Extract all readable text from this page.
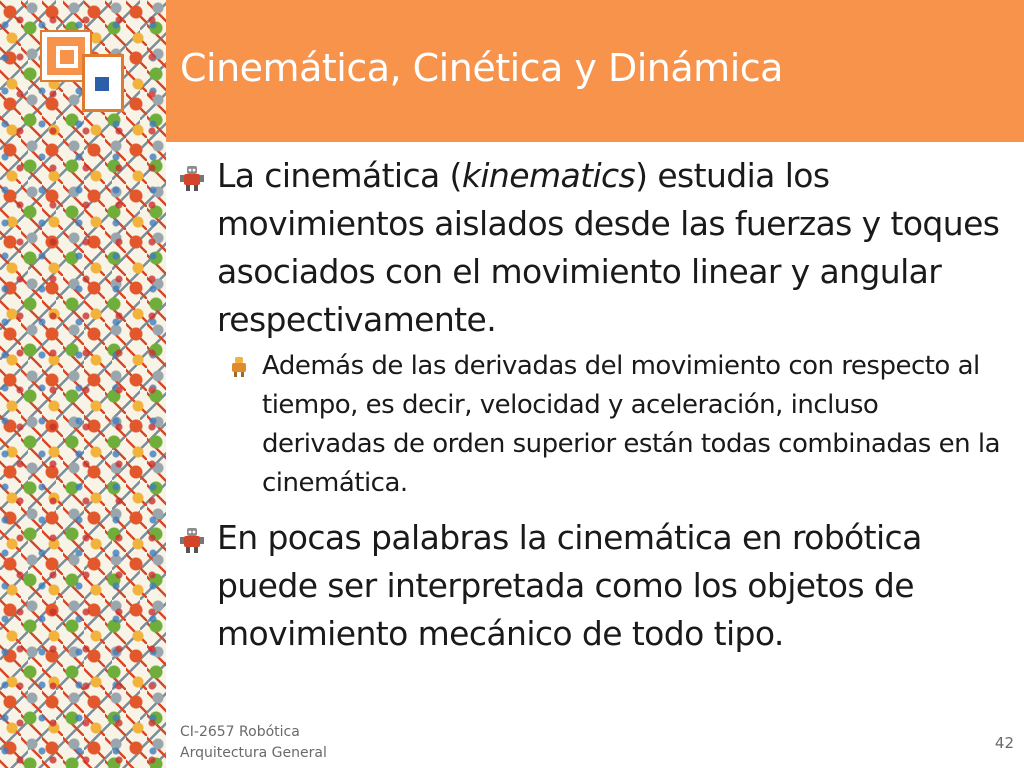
Cinemática, Cinética y Dinámica
La cinemática (kinematics) estudia los movimientos aislados desde las fuerzas y toques asociados con el movimiento linear y angular respectivamente.
Además de las derivadas del movimiento con respecto al tiempo, es decir, velocidad y aceleración, incluso derivadas de orden superior están todas combinadas en la cinemática.
En pocas palabras la cinemática en robótica puede ser interpretada como los objetos de movimiento mecánico de todo tipo.
CI-2657 Robótica
Arquitectura General
42
